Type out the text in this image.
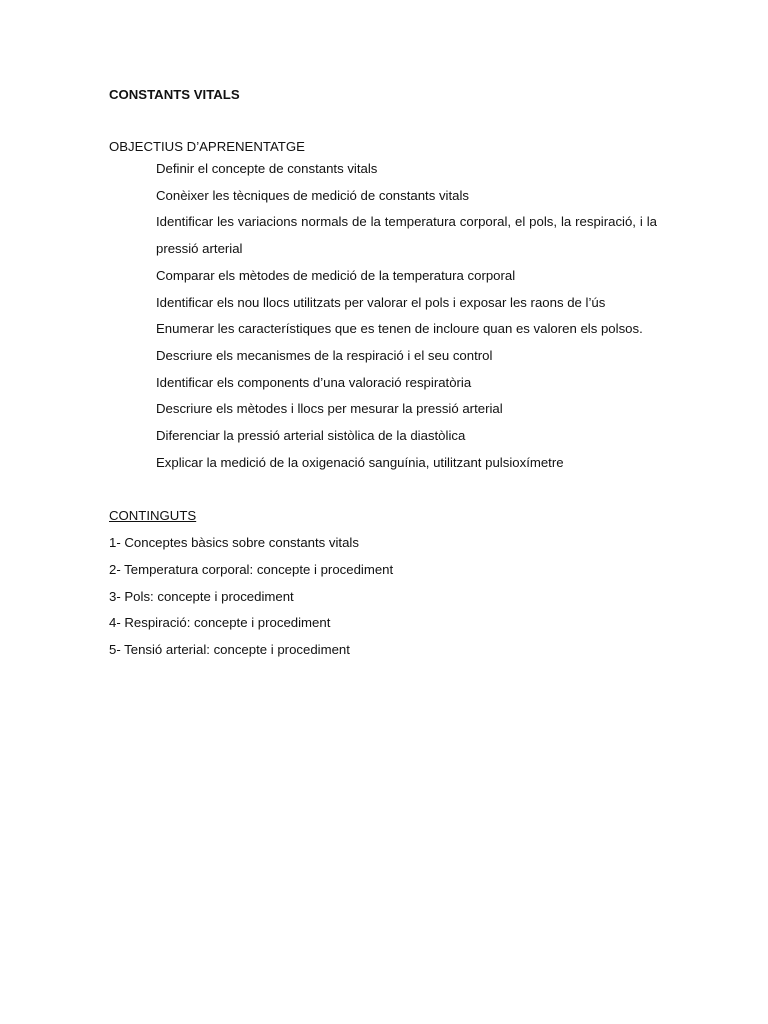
CONSTANTS VITALS
OBJECTIUS D’APRENENTATGE
Definir el concepte de constants vitals
Conèixer les tècniques de medició de constants vitals
Identificar les variacions normals de la temperatura corporal, el pols, la respiració, i la pressió arterial
Comparar els mètodes de medició de la temperatura corporal
Identificar els nou llocs utilitzats per valorar el pols i exposar les raons de l’ús
Enumerar les característiques que es tenen de incloure quan es valoren els polsos.
Descriure els mecanismes de la respiració i el seu control
Identificar els components d’una valoració respiratòria
Descriure els mètodes i llocs per mesurar la pressió arterial
Diferenciar la pressió arterial sistòlica de la diastòlica
Explicar la medició de la oxigenació sanguínia, utilitzant pulsioxímetre
CONTINGUTS
1- Conceptes bàsics sobre constants vitals
2- Temperatura corporal: concepte i procediment
3- Pols: concepte i procediment
4- Respiració: concepte i procediment
5- Tensió arterial: concepte i procediment
